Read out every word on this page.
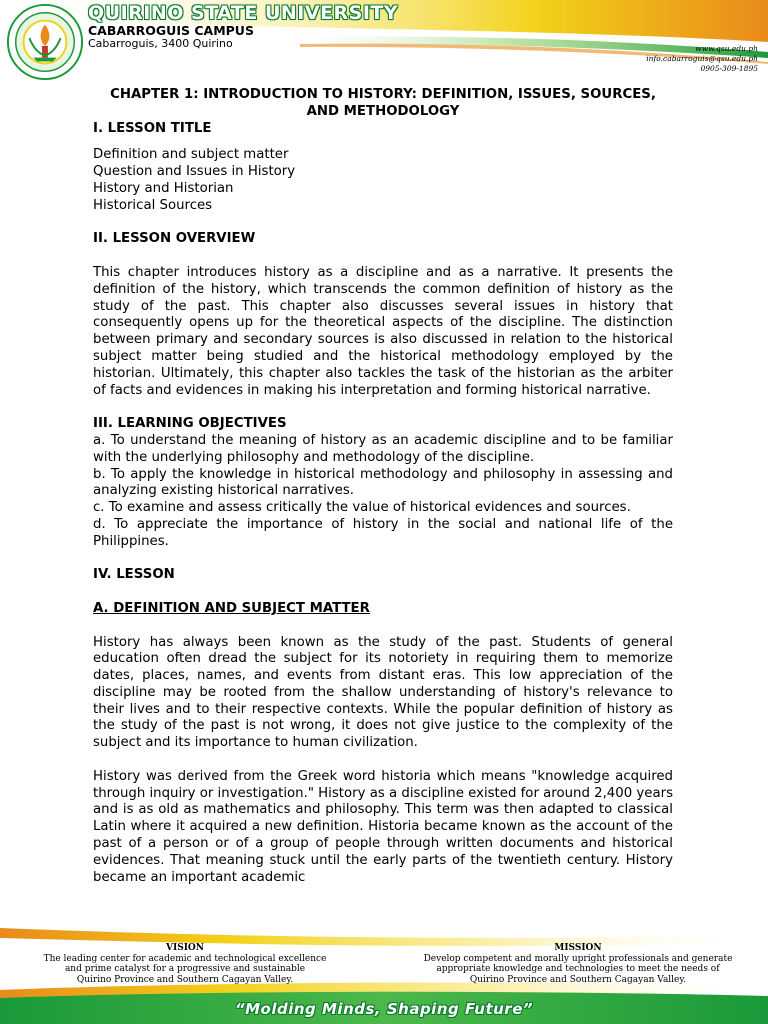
QUIRINO STATE UNIVERSITY
CABARROGUIS CAMPUS
Cabarroguis, 3400 Quirino	www.qsu.edu.ph
info.cabarroguis@qsu.edu.ph
0905-309-1895
CHAPTER 1: INTRODUCTION TO HISTORY: DEFINITION, ISSUES, SOURCES,
AND METHODOLOGY

I. LESSON TITLE

Definition and subject matter
Question and Issues in History
History and Historian
Historical Sources

II. LESSON OVERVIEW

This chapter introduces history as a discipline and as a narrative. It presents the definition of the history, which transcends the common definition of history as the study of the past. This chapter also discusses several issues in history that consequently opens up for the theoretical aspects of the discipline. The distinction between primary and secondary sources is also discussed in relation to the historical subject matter being studied and the historical methodology employed by the historian. Ultimately, this chapter also tackles the task of the historian as the arbiter of facts and evidences in making his interpretation and forming historical narrative.

III. LEARNING OBJECTIVES

a. To understand the meaning of history as an academic discipline and to be familiar with the underlying philosophy and methodology of the discipline.

b. To apply the knowledge in historical methodology and philosophy in assessing and analyzing existing historical narratives.

c. To examine and assess critically the value of historical evidences and sources.

d. To appreciate the importance of history in the social and national life of the Philippines.

IV. LESSON

A. DEFINITION AND SUBJECT MATTER

History has always been known as the study of the past. Students of general education often dread the subject for its notoriety in requiring them to memorize dates, places, names, and events from distant eras. This low appreciation of the discipline may be rooted from the shallow understanding of history's relevance to their lives and to their respective contexts. While the popular definition of history as the study of the past is not wrong, it does not give justice to the complexity of the subject and its importance to human civilization.

History was derived from the Greek word historia which means "knowledge acquired through inquiry or investigation." History as a discipline existed for around 2,400 years and is as old as mathematics and philosophy. This term was then adapted to classical Latin where it acquired a new definition. Historia became known as the account of the past of a person or of a group of people through written documents and historical evidences. That meaning stuck until the early parts of the twentieth century. History became an important academic

VISION
The leading center for academic and technological excellence
and prime catalyst for a progressive and sustainable
Quirino Province and Southern Cagayan Valley.
MISSION
Develop competent and morally upright professionals and generate
appropriate knowledge and technologies to meet the needs of
Quirino Province and Southern Cagayan Valley.
“Molding Minds, Shaping Future”
